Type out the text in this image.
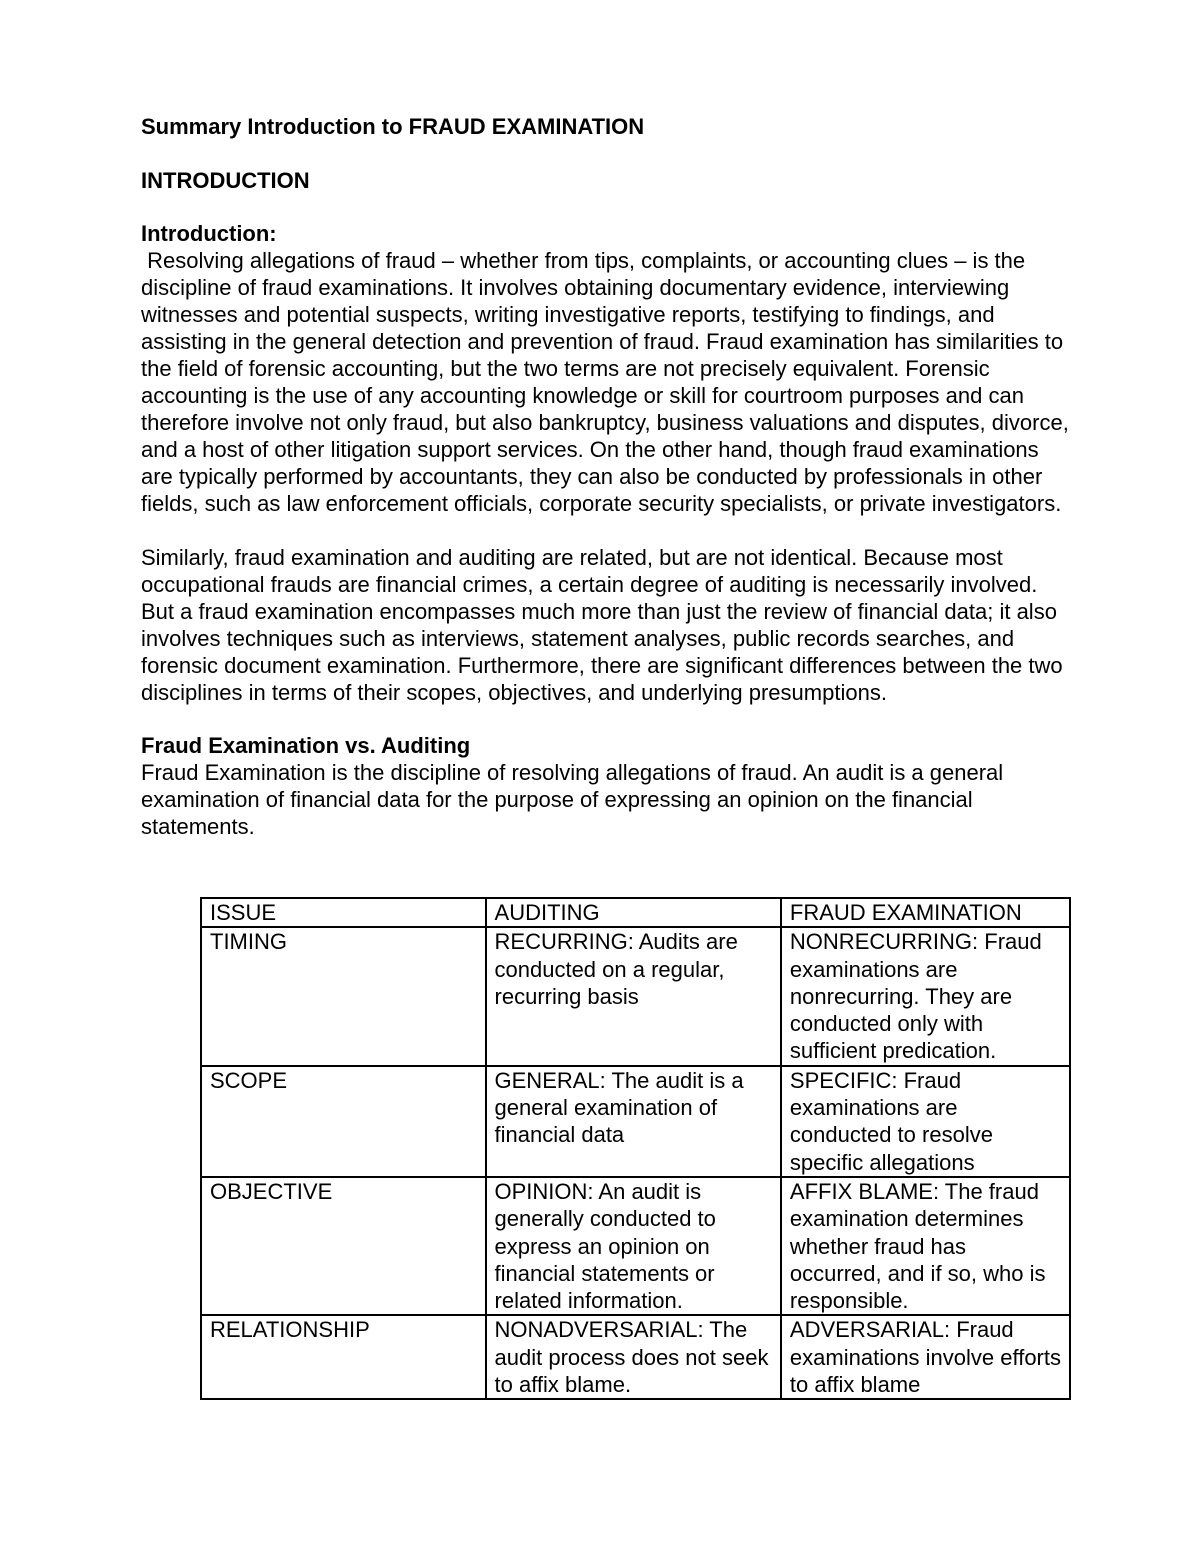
Summary Introduction to FRAUD EXAMINATION
INTRODUCTION
Introduction:

Resolving allegations of fraud – whether from tips, complaints, or accounting clues – is the discipline of fraud examinations. It involves obtaining documentary evidence, interviewing witnesses and potential suspects, writing investigative reports, testifying to findings, and assisting in the general detection and prevention of fraud. Fraud examination has similarities to the field of forensic accounting, but the two terms are not precisely equivalent. Forensic accounting is the use of any accounting knowledge or skill for courtroom purposes and can therefore involve not only fraud, but also bankruptcy, business valuations and disputes, divorce, and a host of other litigation support services. On the other hand, though fraud examinations are typically performed by accountants, they can also be conducted by professionals in other fields, such as law enforcement officials, corporate security specialists, or private investigators.

Similarly, fraud examination and auditing are related, but are not identical. Because most occupational frauds are financial crimes, a certain degree of auditing is necessarily involved. But a fraud examination encompasses much more than just the review of financial data; it also involves techniques such as interviews, statement analyses, public records searches, and forensic document examination. Furthermore, there are significant differences between the two disciplines in terms of their scopes, objectives, and underlying presumptions.

Fraud Examination vs. Auditing

Fraud Examination is the discipline of resolving allegations of fraud. An audit is a general examination of financial data for the purpose of expressing an opinion on the financial statements.

ISSUE	AUDITING	FRAUD EXAMINATION
TIMING	RECURRING: Audits are conducted on a regular, recurring basis	NONRECURRING: Fraud examinations are nonrecurring. They are conducted only with sufficient predication.
SCOPE	GENERAL: The audit is a general examination of financial data	SPECIFIC: Fraud examinations are conducted to resolve specific allegations
OBJECTIVE	OPINION: An audit is generally conducted to express an opinion on financial statements or related information.	AFFIX BLAME: The fraud examination determines whether fraud has occurred, and if so, who is responsible.
RELATIONSHIP	NONADVERSARIAL: The audit process does not seek to affix blame.	ADVERSARIAL: Fraud examinations involve efforts to affix blame
